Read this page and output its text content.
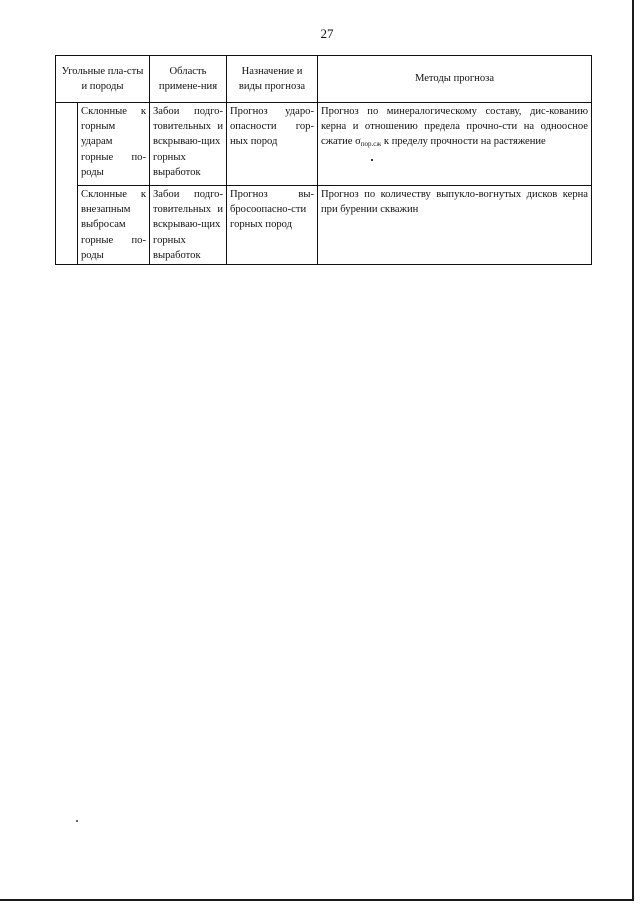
27
Угольные пла-сты и породы		Область примене-ния	Назначение и виды прогноза	Методы прогноза
	Склонные к горным ударам горные по-роды	Забои подго-товительных и вскрываю-щих горных выработок	Прогноз ударо-опасности гор-ных пород	Прогноз по минералогическому составу, дис-кованию керна и отношению предела прочно-сти на одноосное сжатие $\sigma_{пор.сж}$ к пределу прочности на растяжение

	Склонные к внезапным выбросам горные по-роды	Забои подго-товительных и вскрываю-щих горных выработок	Прогноз вы-бросоопасно-сти горных пород	Прогноз по количеству выпукло-вогнутых дисков керна при бурении скважин
